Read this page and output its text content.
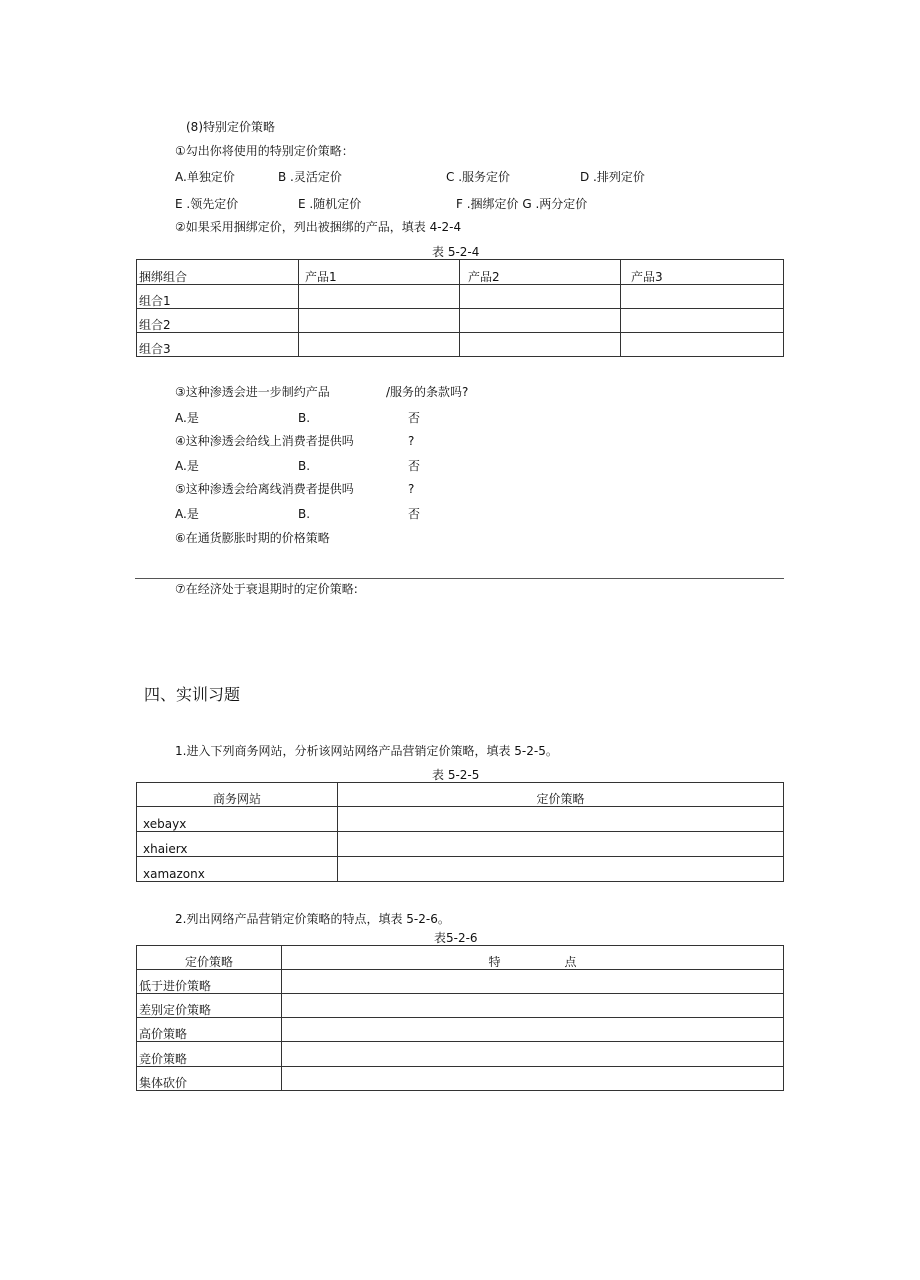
(8)特别定价策略
①勾出你将使用的特别定价策略：
A.单独定价	B .灵活定价	C .服务定价	D .排列定价
E .领先定价	E .随机定价	F .捆绑定价 G .两分定价
②如果采用捆绑定价，列出被捆绑的产品，填表 4-2-4
表 5-2-4
捆绑组合	产品1	产品2	产品3
组合1			
组合2			
组合3			
③这种渗透会进一步制约产品	/服务的条款吗?
A.是	B.	否
④这种渗透会给线上消费者提供吗	?
A.是	B.	否
⑤这种渗透会给离线消费者提供吗	?
A.是	B.	否
⑥在通货膨胀时期的价格策略
⑦在经济处于衰退期时的定价策略:
四、实训习题
1.进入下列商务网站，分析该网站网络产品营销定价策略，填表 5-2-5。
表 5-2-5
商务网站	定价策略
xebayx	
xhaierx	
xamazonx	
2.列出网络产品营销定价策略的特点，填表 5-2-6。
表5-2-6
定价策略	特 点
低于进价策略	
差别定价策略	
高价策略	
竞价策略	
集体砍价	
